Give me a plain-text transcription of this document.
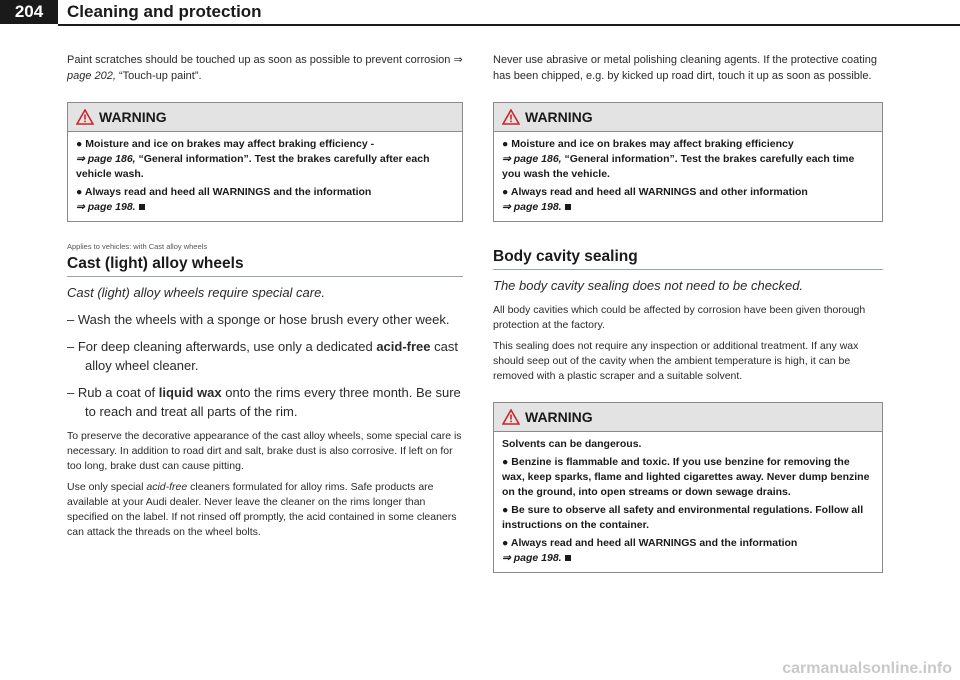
204	Cleaning and protection

Paint scratches should be touched up as soon as possible to prevent corrosion ⇒ page 202, “Touch-up paint”.

WARNING
● Moisture and ice on brakes may affect braking efficiency -
⇒ page 186, “General information”. Test the brakes carefully after each vehicle wash.
● Always read and heed all WARNINGS and the information
⇒ page 198.
Applies to vehicles: with Cast alloy wheels
Cast (light) alloy wheels
Cast (light) alloy wheels require special care.
– Wash the wheels with a sponge or hose brush every other week.
– For deep cleaning afterwards, use only a dedicated acid-free cast alloy wheel cleaner.
– Rub a coat of liquid wax onto the rims every three month. Be sure to reach and treat all parts of the rim.

To preserve the decorative appearance of the cast alloy wheels, some special care is necessary. In addition to road dirt and salt, brake dust is also corrosive. If left on for too long, brake dust can cause pitting.

Use only special acid-free cleaners formulated for alloy rims. Safe products are available at your Audi dealer. Never leave the cleaner on the rims longer than specified on the label. If not rinsed off promptly, the acid contained in some cleaners can attack the threads on the wheel bolts.

Never use abrasive or metal polishing cleaning agents. If the protective coating has been chipped, e.g. by kicked up road dirt, touch it up as soon as possible.

WARNING
● Moisture and ice on brakes may affect braking efficiency
⇒ page 186, “General information”. Test the brakes carefully each time you wash the vehicle.
● Always read and heed all WARNINGS and other information
⇒ page 198.
Body cavity sealing
The body cavity sealing does not need to be checked.

All body cavities which could be affected by corrosion have been given thorough protection at the factory.

This sealing does not require any inspection or additional treatment. If any wax should seep out of the cavity when the ambient temperature is high, it can be removed with a plastic scraper and a suitable solvent.

WARNING
Solvents can be dangerous.
● Benzine is flammable and toxic. If you use benzine for removing the wax, keep sparks, flame and lighted cigarettes away. Never dump benzine on the ground, into open streams or down sewage drains.
● Be sure to observe all safety and environmental regulations. Follow all instructions on the container.
● Always read and heed all WARNINGS and the information
⇒ page 198.
carmanualsonline.info
